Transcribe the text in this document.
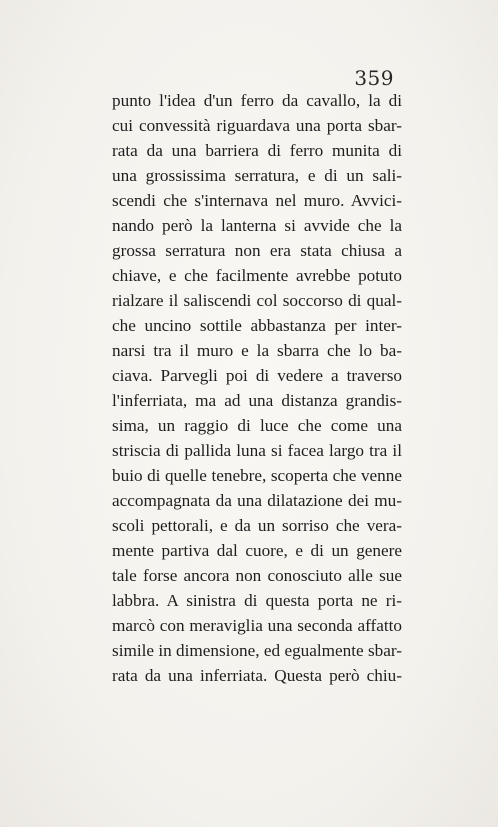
359
punto l'idea d'un ferro da cavallo, la di
cui convessità riguardava una porta sbar-
rata da una barriera di ferro munita di
una grossissima serratura, e di un sali-
scendi che s'internava nel muro. Avvici-
nando però la lanterna si avvide che la
grossa serratura non era stata chiusa a
chiave, e che facilmente avrebbe potuto
rialzare il saliscendi col soccorso di qual-
che uncino sottile abbastanza per inter-
narsi tra il muro e la sbarra che lo ba-
ciava. Parvegli poi di vedere a traverso
l'inferriata, ma ad una distanza grandis-
sima, un raggio di luce che come una
striscia di pallida luna si facea largo tra il
buio di quelle tenebre, scoperta che venne
accompagnata da una dilatazione dei mu-
scoli pettorali, e da un sorriso che vera-
mente partiva dal cuore, e di un genere
tale forse ancora non conosciuto alle sue
labbra. A sinistra di questa porta ne ri-
marcò con meraviglia una seconda affatto
simile in dimensione, ed egualmente sbar-
rata da una inferriata. Questa però chiu-
